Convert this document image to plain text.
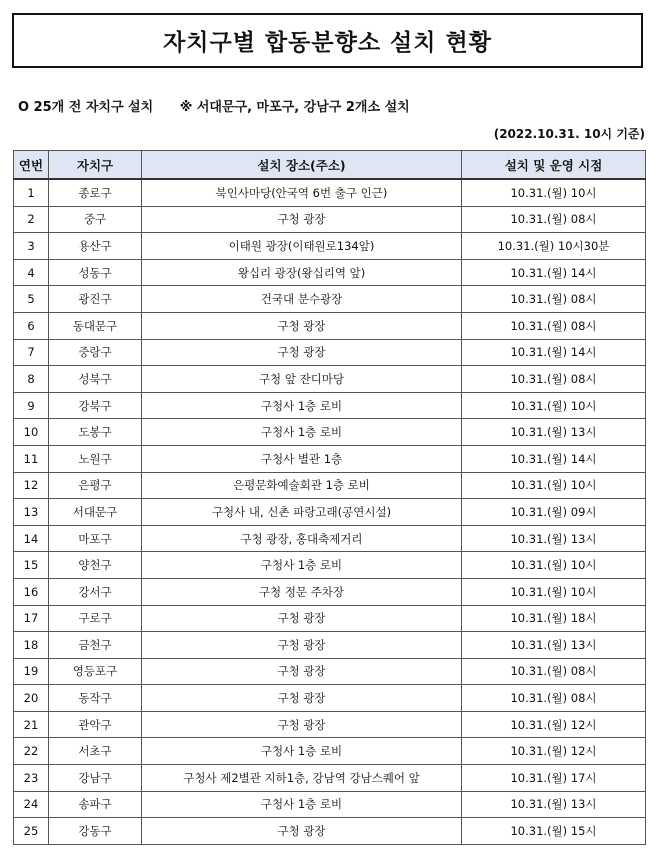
자치구별 합동분향소 설치 현황
O 25개 전 자치구 설치 ※ 서대문구, 마포구, 강남구 2개소 설치
(2022.10.31. 10시 기준)
연번	자치구	설치 장소(주소)	설치 및 운영 시점
1	종로구	북인사마당(안국역 6번 출구 인근)	10.31.(월) 10시
2	중구	구청 광장	10.31.(월) 08시
3	용산구	이태원 광장(이태원로134앞)	10.31.(월) 10시30분
4	성동구	왕십리 광장(왕십리역 앞)	10.31.(월) 14시
5	광진구	건국대 분수광장	10.31.(월) 08시
6	동대문구	구청 광장	10.31.(월) 08시
7	중랑구	구청 광장	10.31.(월) 14시
8	성북구	구청 앞 잔디마당	10.31.(월) 08시
9	강북구	구청사 1층 로비	10.31.(월) 10시
10	도봉구	구청사 1층 로비	10.31.(월) 13시
11	노원구	구청사 별관 1층	10.31.(월) 14시
12	은평구	은평문화예술회관 1층 로비	10.31.(월) 10시
13	서대문구	구청사 내, 신촌 파랑고래(공연시설)	10.31.(월) 09시
14	마포구	구청 광장, 홍대축제거리	10.31.(월) 13시
15	양천구	구청사 1층 로비	10.31.(월) 10시
16	강서구	구청 정문 주차장	10.31.(월) 10시
17	구로구	구청 광장	10.31.(월) 18시
18	금천구	구청 광장	10.31.(월) 13시
19	영등포구	구청 광장	10.31.(월) 08시
20	동작구	구청 광장	10.31.(월) 08시
21	관악구	구청 광장	10.31.(월) 12시
22	서초구	구청사 1층 로비	10.31.(월) 12시
23	강남구	구청사 제2별관 지하1층, 강남역 강남스퀘어 앞	10.31.(월) 17시
24	송파구	구청사 1층 로비	10.31.(월) 13시
25	강동구	구청 광장	10.31.(월) 15시
